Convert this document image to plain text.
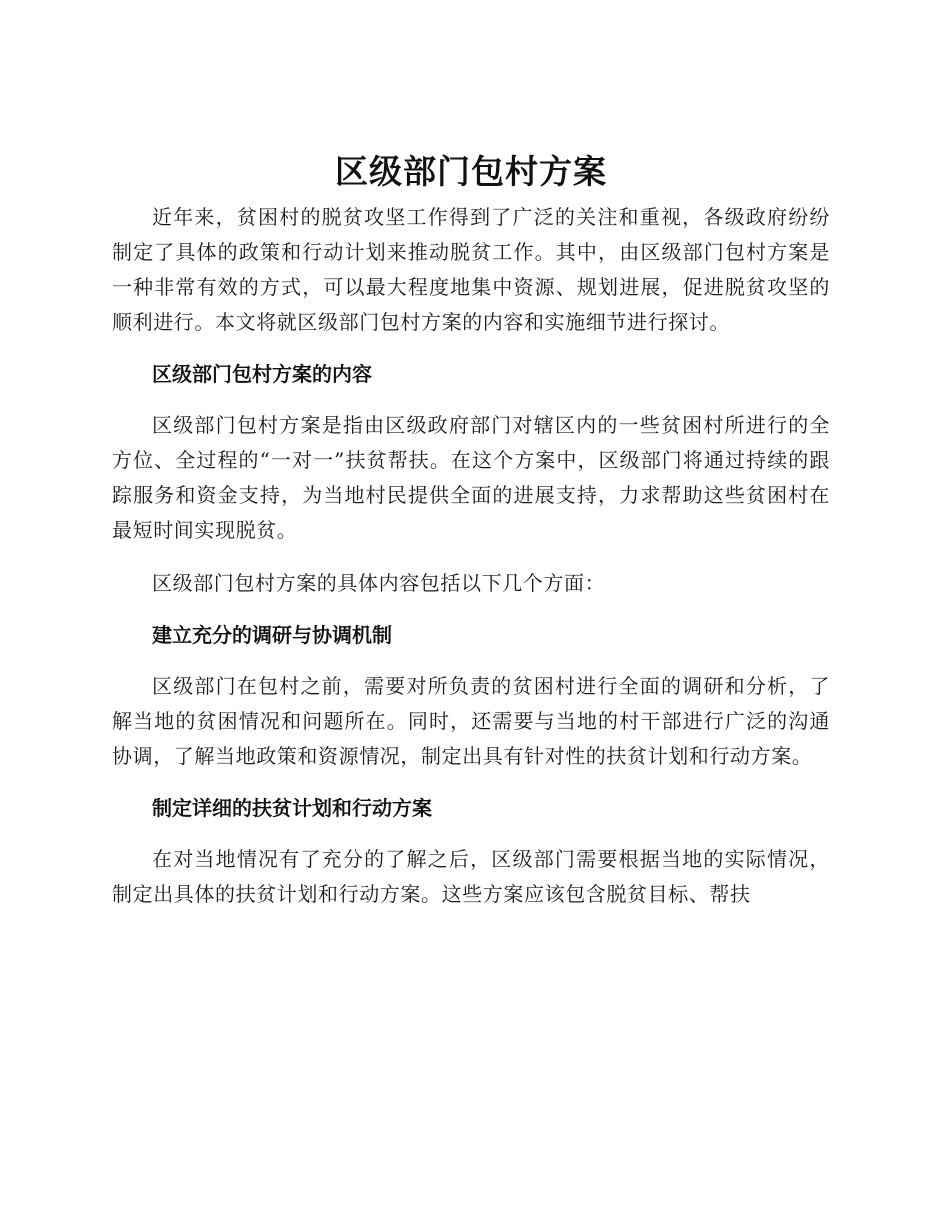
区级部门包村方案

近年来，贫困村的脱贫攻坚工作得到了广泛的关注和重视，各级政府纷纷制定了具体的政策和行动计划来推动脱贫工作。其中，由区级部门包村方案是一种非常有效的方式，可以最大程度地集中资源、规划进展，促进脱贫攻坚的顺利进行。本文将就区级部门包村方案的内容和实施细节进行探讨。

区级部门包村方案的内容

区级部门包村方案是指由区级政府部门对辖区内的一些贫困村所进行的全方位、全过程的“一对一”扶贫帮扶。在这个方案中，区级部门将通过持续的跟踪服务和资金支持，为当地村民提供全面的进展支持，力求帮助这些贫困村在最短时间实现脱贫。

区级部门包村方案的具体内容包括以下几个方面：

建立充分的调研与协调机制

区级部门在包村之前，需要对所负责的贫困村进行全面的调研和分析，了解当地的贫困情况和问题所在。同时，还需要与当地的村干部进行广泛的沟通协调，了解当地政策和资源情况，制定出具有针对性的扶贫计划和行动方案。

制定详细的扶贫计划和行动方案

在对当地情况有了充分的了解之后，区级部门需要根据当地的实际情况，制定出具体的扶贫计划和行动方案。这些方案应该包含脱贫目标、帮扶
